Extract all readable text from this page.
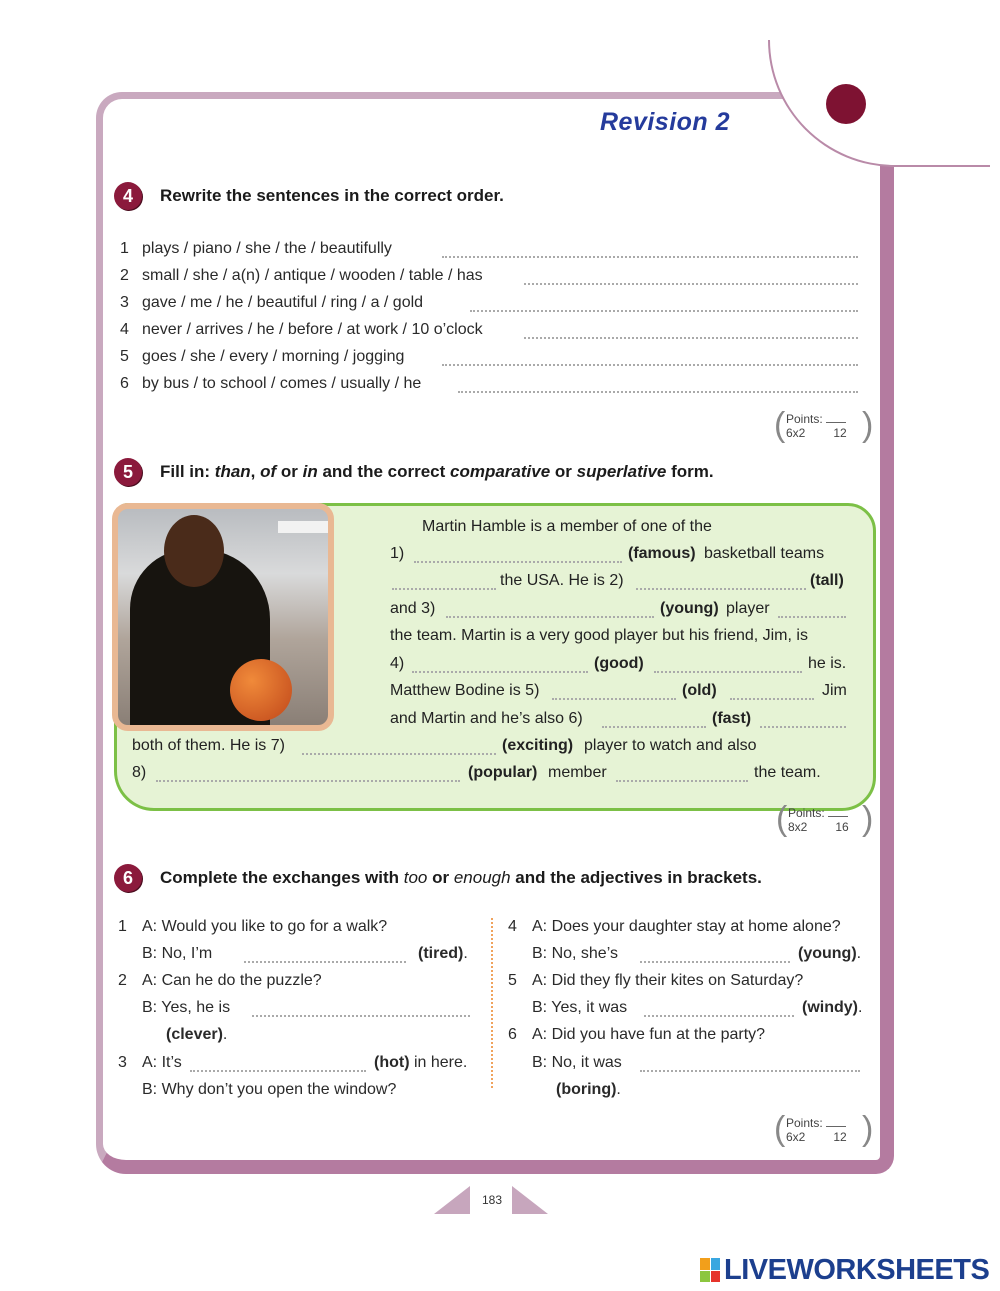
Revision 2
4	Rewrite the sentences in the correct order.
1 plays / piano / she / the / beautifully
2 small / she / a(n) / antique / wooden / table / has
3 gave / me / he / beautiful / ring / a / gold
4 never / arrives / he / before / at work / 10 o’clock
5 goes / she / every / morning / jogging
6 by bus / to school / comes / usually / he
( Points:
6x2 12 )
5	Fill in: than, of or in and the correct comparative or superlative form.
Martin Hamble is a member of one of the
1)	(famous) basketball teams
the USA. He is 2)	(tall)
and 3)	(young) player
the team. Martin is a very good player but his friend, Jim, is
4)	(good)	he is.
Matthew Bodine is 5)	(old)	Jim
and Martin and he’s also 6)	(fast)
both of them. He is 7)	(exciting) player to watch and also
8)	(popular) member	the team.
( Points:
8x2 16 )
6	Complete the exchanges with too or enough and the adjectives in brackets.
1 A: Would you like to go for a walk?
B: No, I’m	(tired).
2 A: Can he do the puzzle?
B: Yes, he is
(clever).
3 A: It’s	(hot) in here.
B: Why don’t you open the window?
4 A: Does your daughter stay at home alone?
B: No, she’s	(young).
5 A: Did they fly their kites on Saturday?
B: Yes, it was	(windy).
6 A: Did you have fun at the party?
B: No, it was
(boring).
( Points:
6x2 12 )
183
LIVEWORKSHEETS
